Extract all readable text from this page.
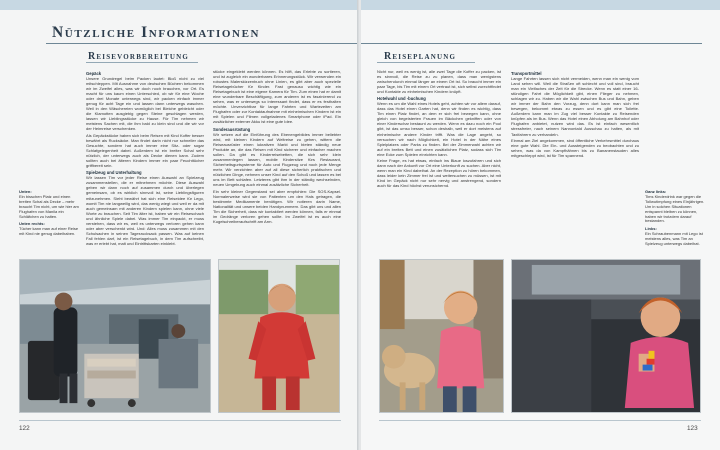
Nützliche Informationen
Reisevorbereitung
Gepäck

Unsere Grundregel beim Packen lautet: Bloß nicht zu viel mitschleppen. Mit Ausnahme von deutschen Büchern bekommen wir im Zweifel alles, was wir doch noch brauchen, vor Ort. Es macht für uns kaum einen Unterschied, ob wir für eine Woche oder drei Monate unterwegs sind, wir packen einfach immer genug für acht Tage ein und lassen dann unterwegs waschen. Weil in den Wäschereien womöglich bei Bleiche gebleicht oder die Klamotten ausgiebig gegen Steine geschlagen werden, lassen wir Lieblingsstücke zu Hause. Für Tim nehmen wir meistens Sachen mit, die ihm bald zu klein sind und die wir vor der Heimreise verschenken.

Als Gepäckstücke haben sich beim Reisen mit Kind Koffer besser bewährt als Rucksäcke. Man findet darin nicht nur schneller das Gesuchte, sondern hat auch immer eine Sitz- oder sogar Schlafgelegenheit dabei. Außerdem ist ein breiter Schal sehr nützlich, der unterwegs auch als Decke dienen kann. Zudem sollten auch bei älteren Kindern immer ein paar Feuchttücher griffbereit sein.

Spielzeug und Unterhaltung

Wir lassen Tim vor jeder Reise einen Auswahl an Spielzeug zusammenstellen, die er mitnehmen möchte. Diese Auswahl geben wir dann noch auf zusammen durch und überlegen gemeinsam, ob es wirklich sinnvoll ist, seine Lieblingsfiguren mitzunehmen. Sieht bewährt hat sich eine Reiseidee für Lego, womit Tim nie langweilig wird, das wenig wiegt und weil er da mit auch gemeinsam mit anderen Kindern spielen kann, ohne viele Worte zu brauchen. Seit Tim älter ist, haben wir ein Reiseschach und ähnliche Spiele dabei. Was immer Tim einpackt, er muss verstehen, dass wir es, weil es unterwegs verloren gehen kann oder aber verschenkt wird. Und: Alles muss zusammen mit den Schulsachen in seinen Tagesrucksack passen. Was auf keinen Fall fehlen darf, ist ein Reisetagebuch, in dem Tim aufschreibt, was er erlebt hat, malt und Eintrittskarten einklebt.

stücke eingeklebt werden können. Es hilft, das Erlebte zu sortieren, und ist zugleich ein wunderbares Erinnerungsstück. Wir verwenden ein robustes Malerskizzenbuch ohne Linien, es gibt aber auch spezielle Reisetagebücher für Kinder. Fast genauso wichtig wie ein Reisetagebuch ist eine eigene Kamera für Tim. Zum einen hat er damit eine wunderbare Beschäftigung, zum anderen ist es faszinierend zu sehen, was er unterwegs so interessant findet, dass er es festhalten möchte. Unverzichtbar für lange Fahrten und Wartezeiten am Flughafen oder zur Kontaktaufnahme mit einheimischen Kindern ist ein mit Spielen und Filmen vollgeladenes Smartphone oder iPad. Ein zusätzlicher externer Akku ist eine gute Idee.

Sonderausrüstung

Wir setzen auf die Einführung des Ebenengebildes immer beliebter wird, mit kleinen Kindern auf Weltreise zu gehen, wittern die Reiseausrüster einen lukrativen Markt und bieten ständig neue Produkte an, die das Reisen mit Kind sicherer und einfacher machen sollen. Da gibt es Kinderreisebetten, die sich sehr klein zusammenlegen lassen, mobile Kindersitze fürs Restaurant, Sicherheitsgurtsysteme für Auto und Flugzeug und noch jede Menge mehr. Wir verzichten aber auf all diese sicherlich praktischen und nützlichen Dinge, nehmen unser Kind auf den Schoß und lassen es bei uns im Bett schlafen. Letzteres gibt ihm in der ständig wechselnden, neuen Umgebung auch einmal zusätzliche Sicherheit.

Ein sehr kleiner Gegenstand sei aber empfohlen: Die SOS-Kapsel. Normalerweise wird sie von Patienten um den Hals getragen, die bestimmte Medikamente benötigen. Wir notieren darin Name, Nationalität und unsere beiden Handynummern. Das gibt uns und allen Tim die Sicherheit, dass wir kontaktiert werden können, falls er einmal im Gedränge verloren gehen sollte. Im Zweifel ist es auch eine Kugelschreiberaufschrift am Arm.

Unten:
Ein bisschen Platz und einen breiten Schal als Decke – mehr braucht Tim nicht, um wie hier am Flughafen von Manila ein Schläfchen zu halten.

Unten rechts:
Tücher kann man auf einer Reise mit Kind nie genug dabeihaben.

122
Reiseplanung

Nicht nur, weil es wenig ist, alle zwei Tage die Koffer zu packen, ist es sinnvoll, die Reise zu zu planen, dass man wenigstens zwischendurch einmal länger an einem Ort ist. So braucht immer ein paar Tage, bis Tim mit einem Ort vertraut ist, sich selbst zurechtfindet und Kontakte zu einheimischen Kindern knüpft.

Hotelwahl und -buchung

Wenn es um die Wahl eines Hotels geht, achten wir vor allem darauf, dass das Hotel einen Garten hat, denn wir finden es wichtig, dass Tim einen Platz findet, an dem er sich frei bewegen kann, ohne gleich von begeisterten Frauen im Bäckchen gekniffen oder von einer Kinderschar bestaunt zu werden. Wenn es dazu noch ein Pool gibt, ist das umso besser, schon deshalb, weil er dort meistens auf einheimische andere Kinder trifft. Was die Lage angeht, so versuchen wir nach Möglichkeit, ein Hotel in der Nähe eines Spielplatzes oder Parks zu finden. Bei der Zimmerwahl achten wir auf ein breites Bett und einen zusätzlichen Platz, sodass sich Tim eine Ecke zum Spielen einrichten kann.

Keine Frage, es hat etwas, einfach ins Blaue loszufahren und sich dann nach der Ankunft vor Ort eine Unterkunft zu suchen. Aber nicht, wenn man ein Kind dabeihat. An der Rezeption zu hören bekommen, dass leider kein Zimmer frei ist und weitersuchen zu müssen, ist mit Kind im Gepäck nicht nur sehr nervig und anstrengend, sondern auch für das Kind höchst verunsichernd.

Transportmittel

Lange Fahrten lassen sich nicht vermeiden, wenn man ein wenig vom Land sehen will. Weil die Straßen oft schlecht und voll sind, braucht man ein Vielfaches der Zeit für die Strecke. Wenn es statt einer 16-stündigen Fahrt die Möglichkeit gibt, einen Flieger zu nehmen, schlagen wir zu. Haben wir die Wahl zwischen Bus und Bahn, geben wir immer der Bahn den Vorzug, denn dort kann man sich frei bewegen, bekommt etwas zu essen und es gibt eine Toilette. Außerdem kann man im Zug viel besser Kontakte zu Reisenden knüpfen als im Bus. Wenn das Hotel einen Abholung am Bahnhof oder Flughafen anbietet, nutzen wird das. Es ist einfach wesentlich stressfreier, nach seinem Nannontald Ausschau zu halten, als mit Taxifahrern zu verhandeln.

Einmal am Ziel angekommen, sind öffentliche Verkehrsmittel durchaus eine gute Wahl. Die Ein- und Aussteigenden zu beobachten und zu sehen, was da von Kampfhähnen bis zu Bananenstauden alles mitgeschleppt wird, ist für Tim spannend.

Ganz links:
Tims Kinderdrink war gegen die Tollwutimpfung eines Einjährigen. Um in solchen Situationen entspannt bleiben zu können, haben wir trotzdem darauf bestanden.

Links:
Ein Schraubenmann mit Lego ist meistens alles, was Tim an Spielzeug unterwegs dabeihat.

123
